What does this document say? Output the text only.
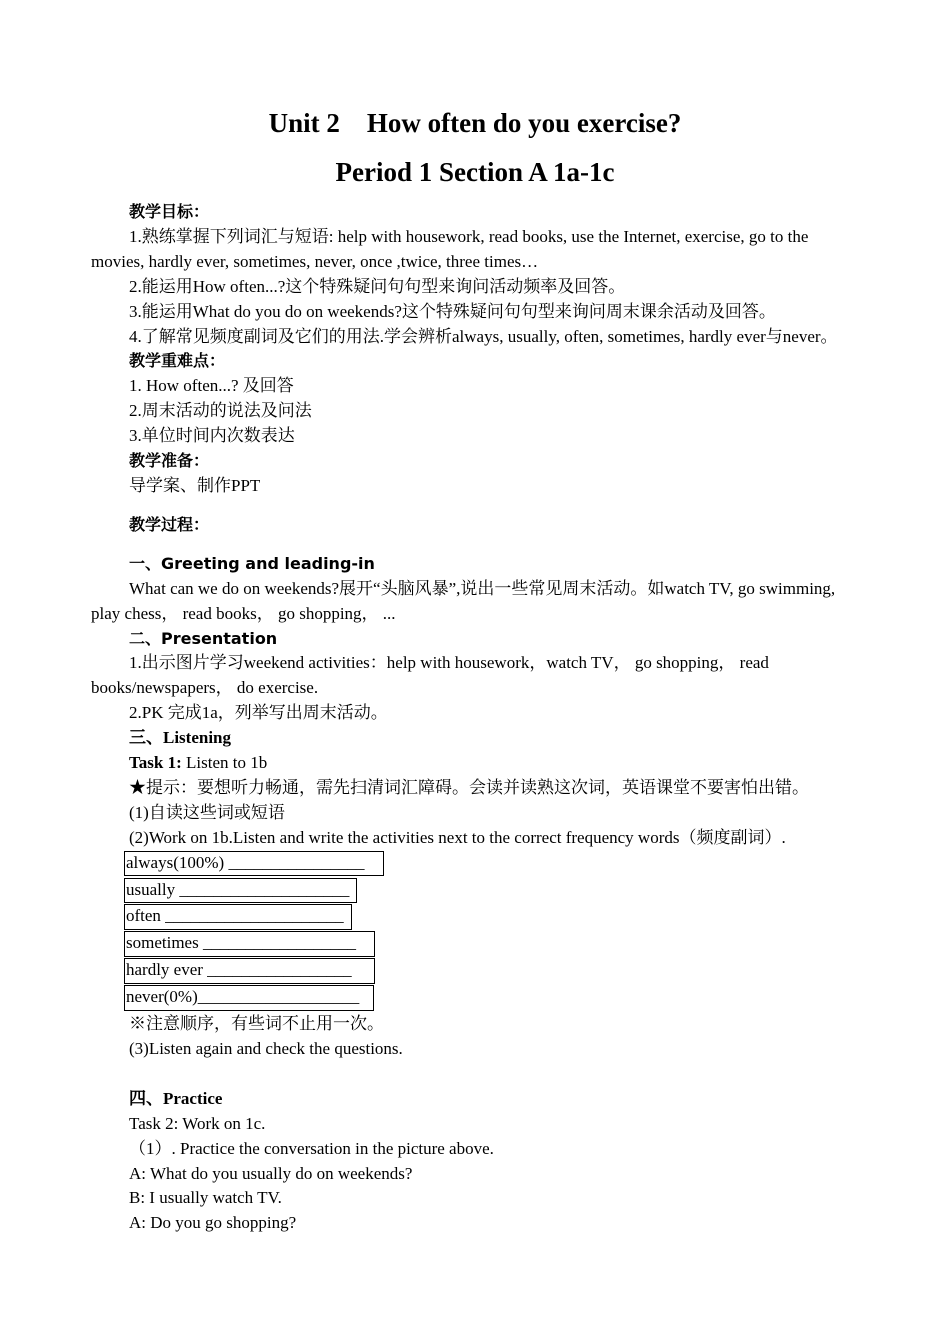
Unit 2    How often do you exercise?
Period 1 Section A 1a-1c

教学目标：

1.熟练掌握下列词汇与短语: help with housework, read books, use the Internet, exercise, go to the movies, hardly ever, sometimes, never, once ,twice, three times…

2.能运用How often...?这个特殊疑问句句型来询问活动频率及回答。

3.能运用What do you do on weekends?这个特殊疑问句句型来询问周末课余活动及回答。

4.了解常见频度副词及它们的用法.学会辨析always, usually, often, sometimes, hardly ever与never。

教学重难点：

1. How often...? 及回答

2.周末活动的说法及问法

3.单位时间内次数表达

教学准备：

导学案、制作PPT

教学过程：

一、Greeting and leading-in

What can we do on weekends?展开“头脑风暴”,说出一些常见周末活动。如watch TV, go swimming, play chess， read books， go shopping， ...

二、Presentation

1.出示图片学习weekend activities：help with housework，watch TV， go shopping， read books/newspapers， do exercise.

2.PK 完成1a，列举写出周末活动。

三、Listening

Task 1: Listen to 1b

★提示：要想听力畅通，需先扫清词汇障碍。会读并读熟这次词，英语课堂不要害怕出错。

(1)自读这些词或短语

(2)Work on 1b.Listen and write the activities next to the correct frequency words（频度副词）.

always(100%) ________________
usually ____________________
often _____________________
sometimes __________________
hardly ever _________________
never(0%)___________________

※注意顺序，有些词不止用一次。

(3)Listen again and check the questions.

四、Practice

Task 2: Work on 1c.

（1）. Practice the conversation in the picture above.

A: What do you usually do on weekends?

B: I usually watch TV.

A: Do you go shopping?
